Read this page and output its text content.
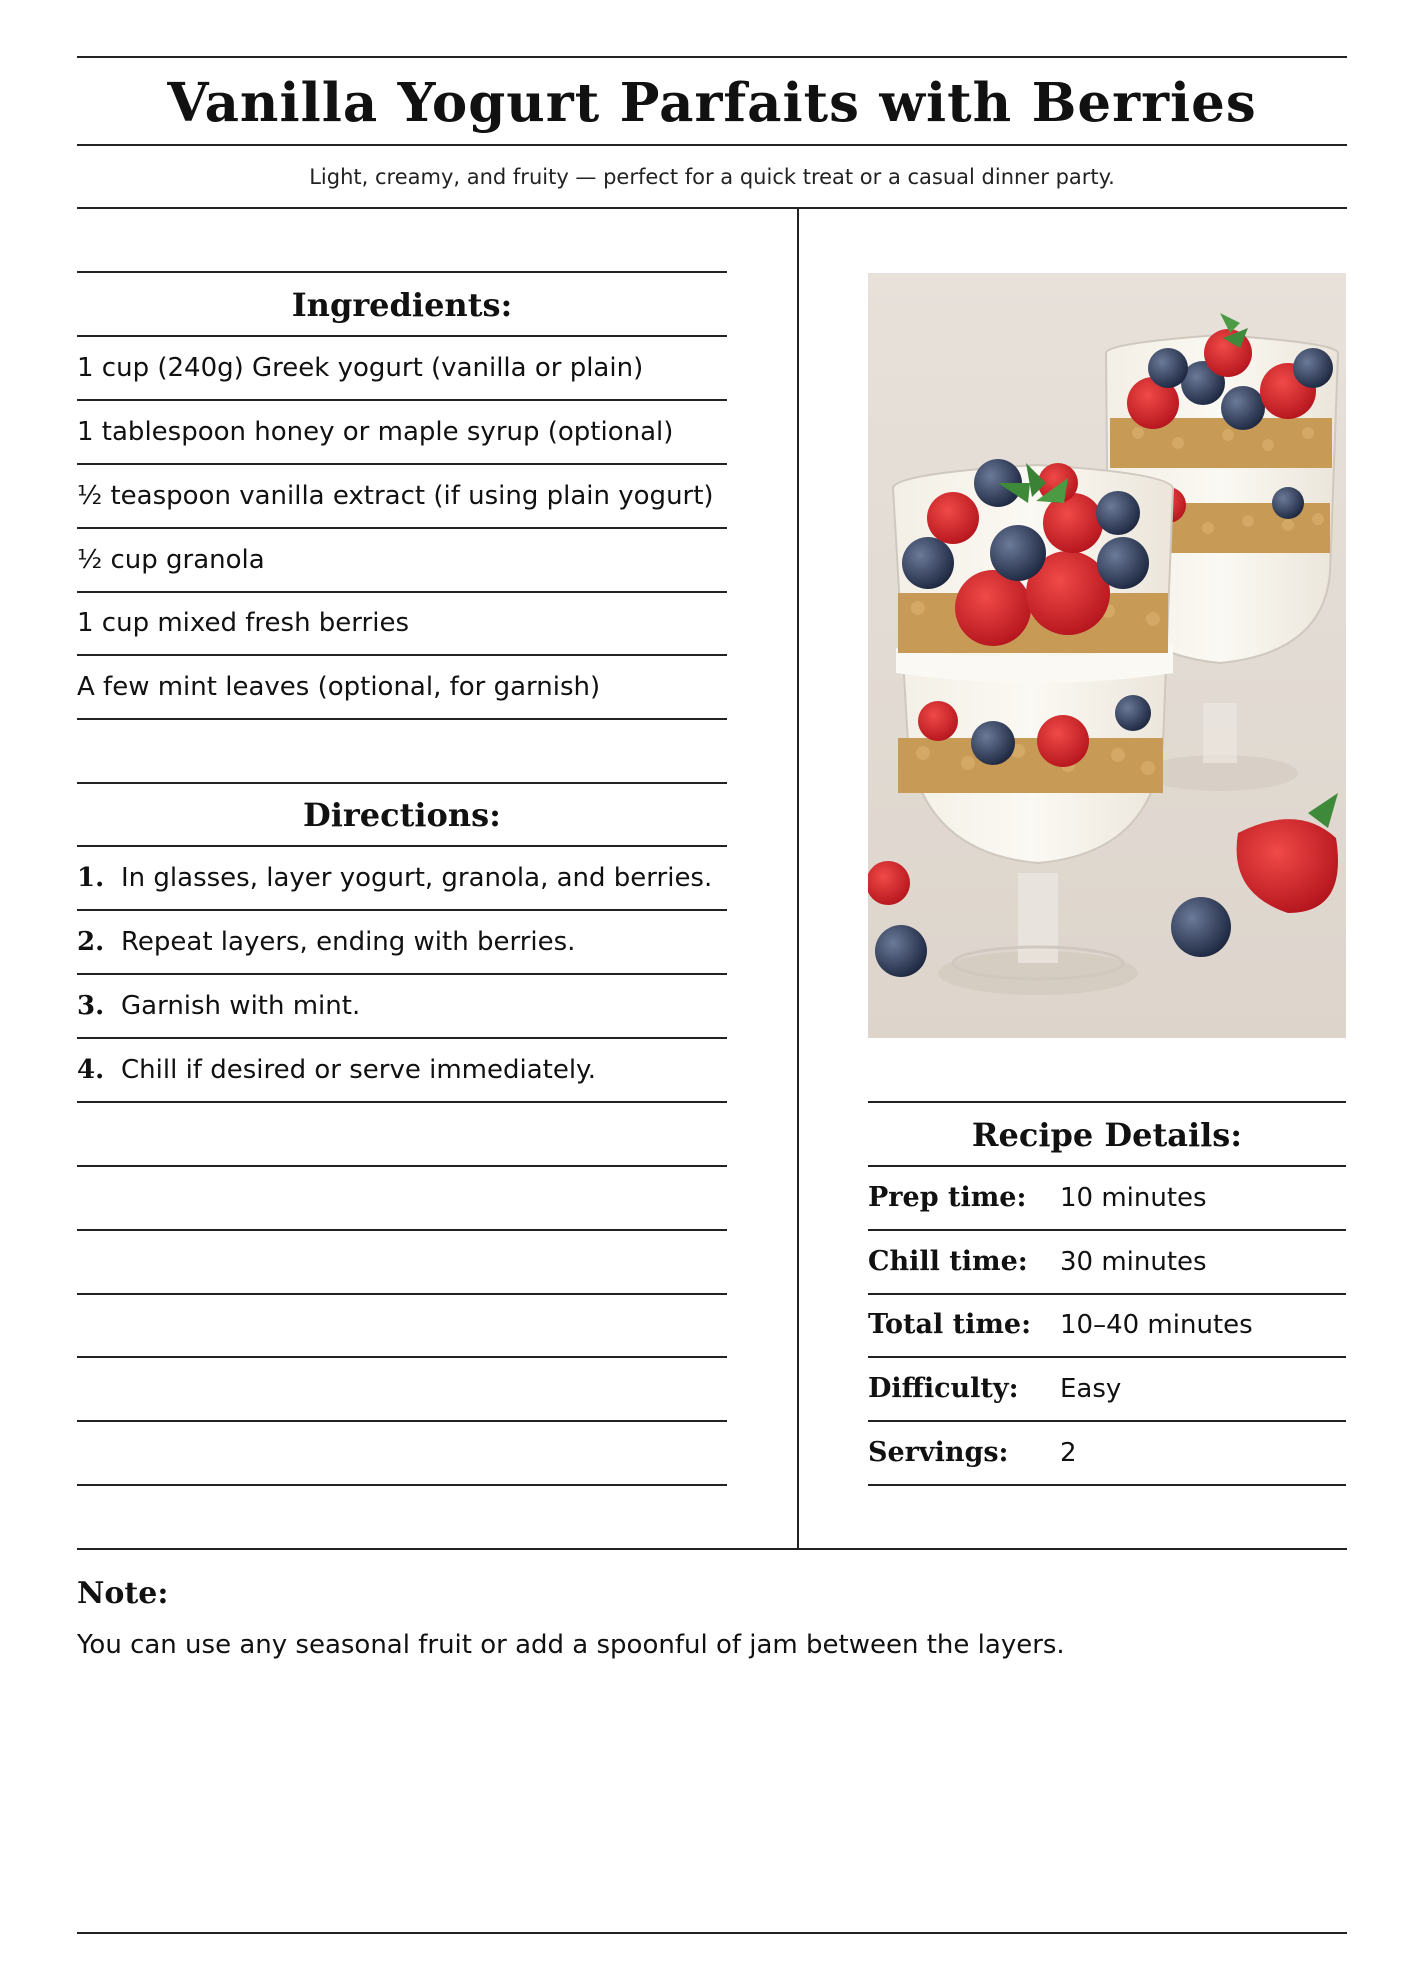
Vanilla Yogurt Parfaits with Berries

Light, creamy, and fruity — perfect for a quick treat or a casual dinner party.

Ingredients:
1 cup (240g) Greek yogurt (vanilla or plain)
1 tablespoon honey or maple syrup (optional)
½ teaspoon vanilla extract (if using plain yogurt)
½ cup granola
1 cup mixed fresh berries
A few mint leaves (optional, for garnish)
Directions:
1. In glasses, layer yogurt, granola, and berries.
2. Repeat layers, ending with berries.
3. Garnish with mint.
4. Chill if desired or serve immediately.
Recipe Details:
Prep time: 10 minutes
Chill time: 30 minutes
Total time: 10–40 minutes
Difficulty: Easy
Servings: 2
Note:

You can use any seasonal fruit or add a spoonful of jam between the layers.
